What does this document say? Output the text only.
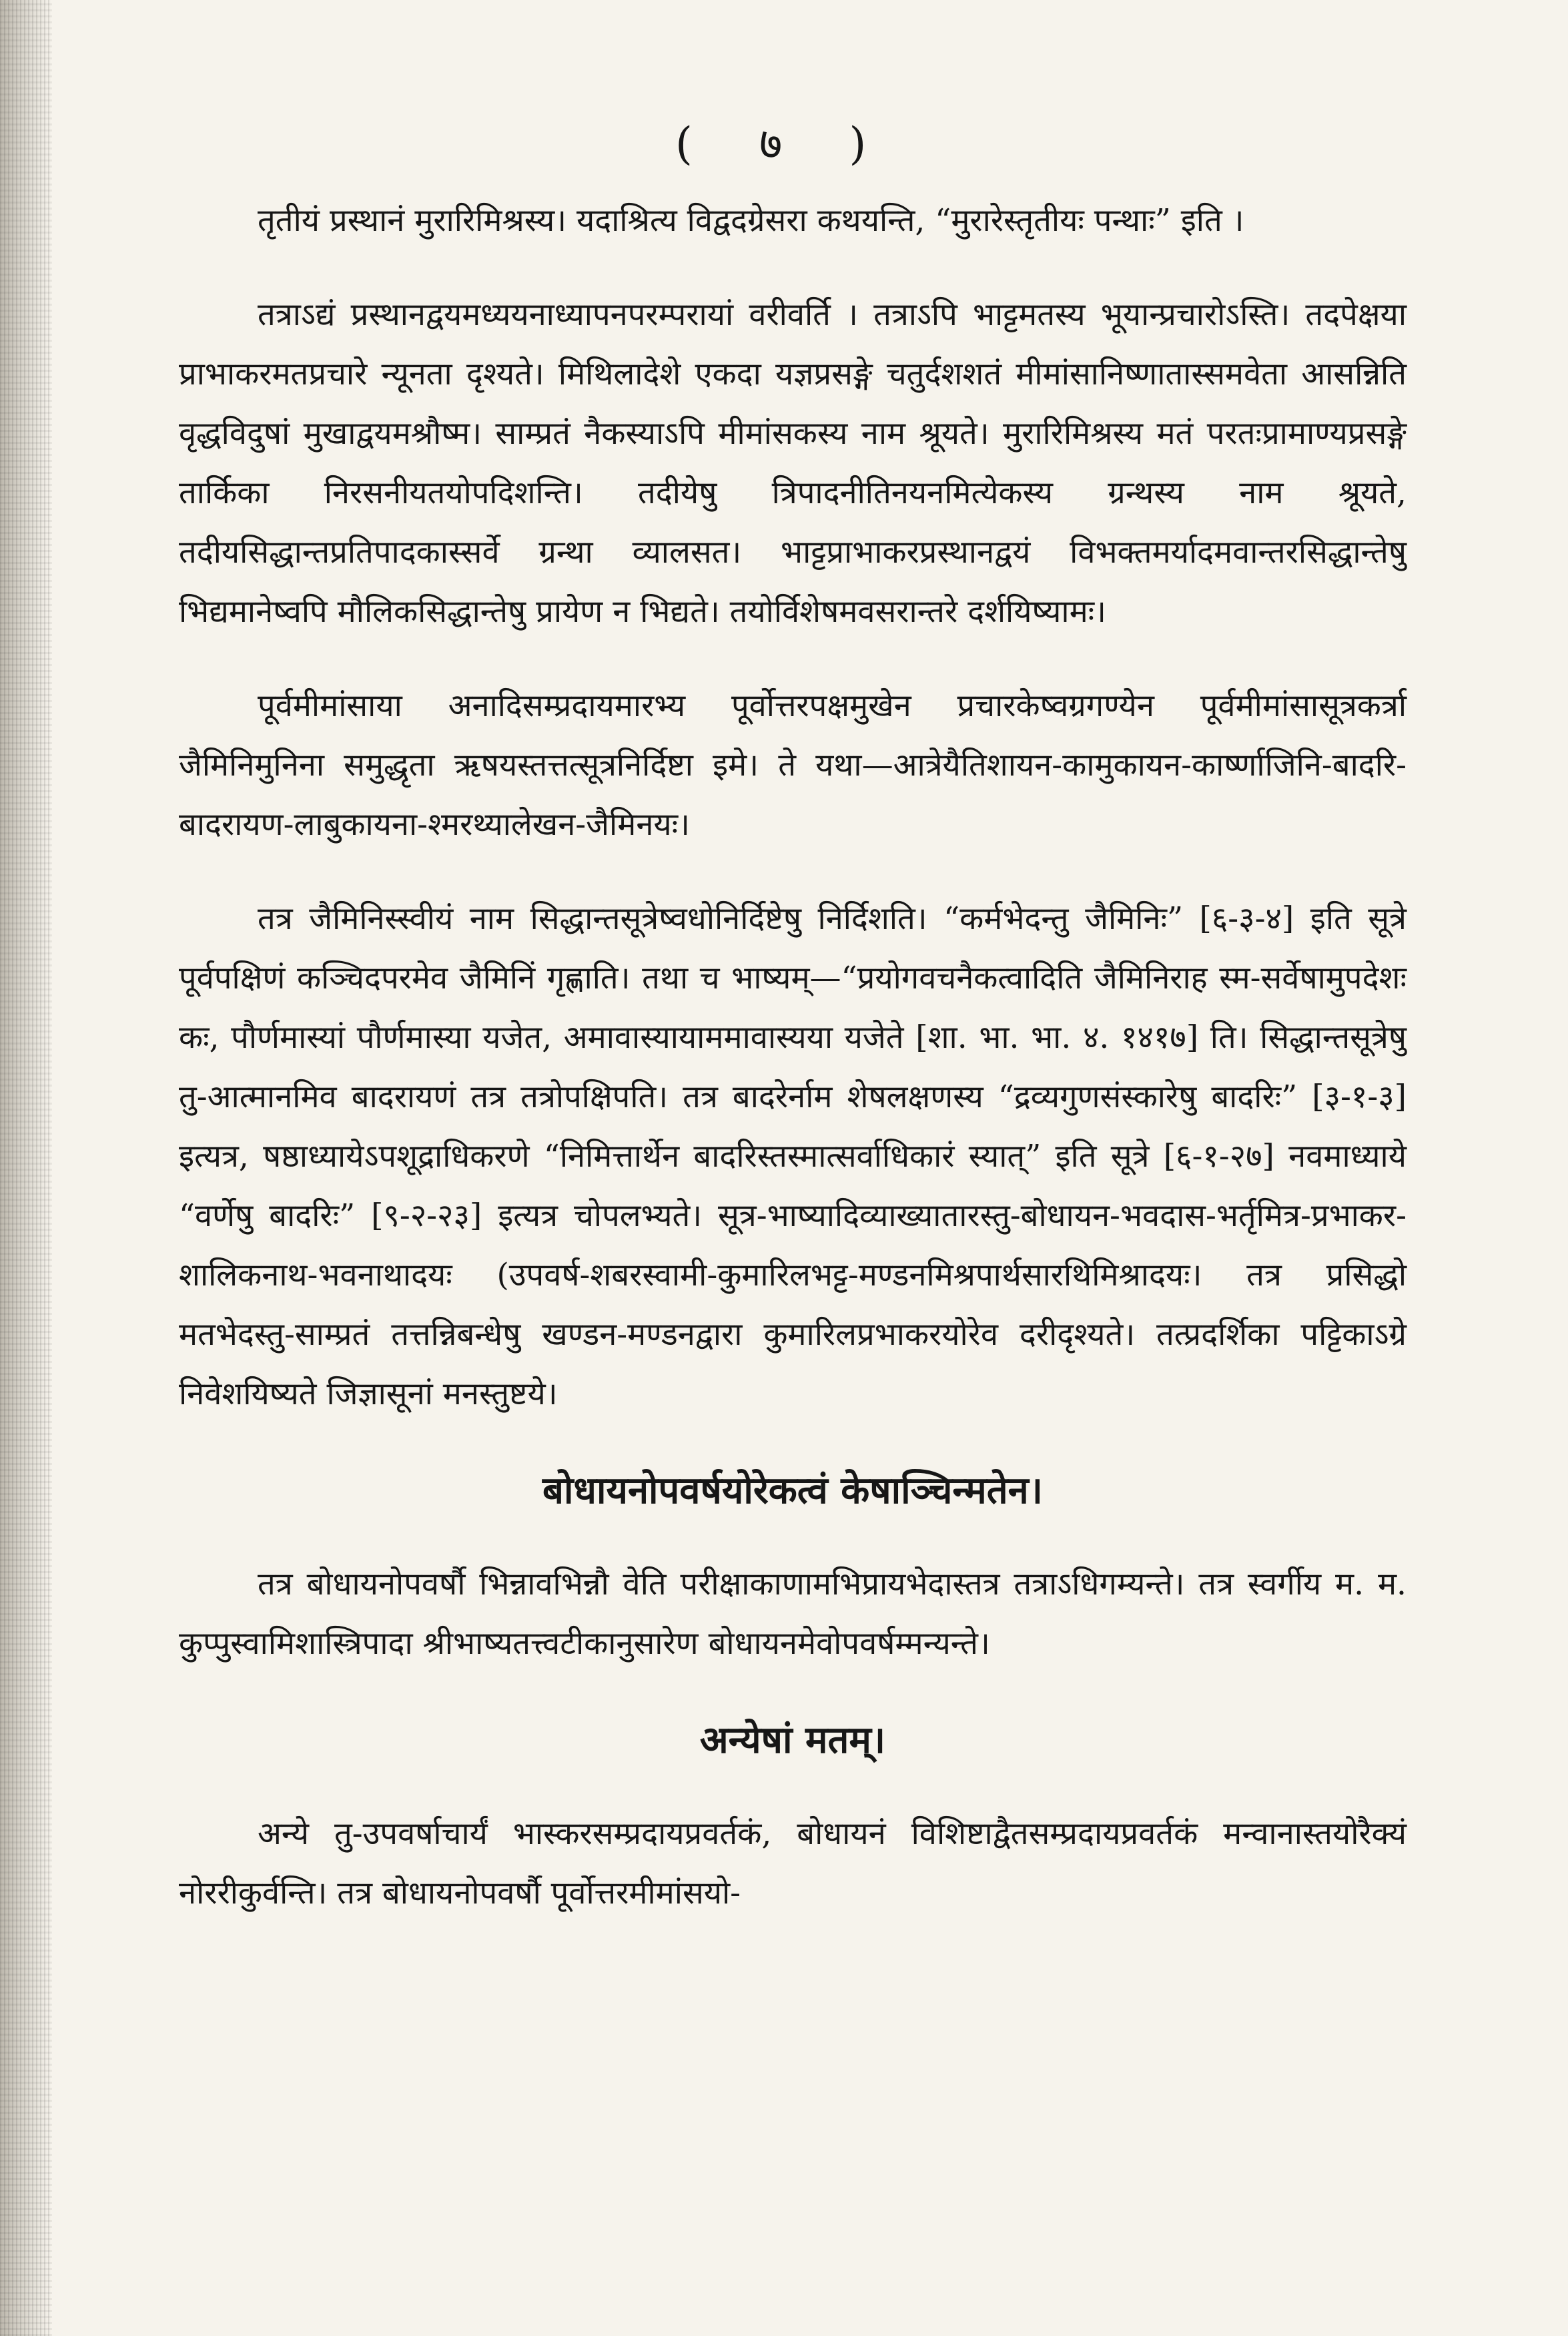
( ७ )

तृतीयं प्रस्थानं मुरारिमिश्रस्य। यदाश्रित्य विद्वदग्रेसरा कथयन्ति, “मुरारेस्तृतीयः पन्थाः” इति ।

तत्राऽद्यं प्रस्थानद्वयमध्ययनाध्यापनपरम्परायां वरीवर्ति । तत्राऽपि भाट्टमतस्य भूयान्प्रचारोऽस्ति। तदपेक्षया प्राभाकरमतप्रचारे न्यूनता दृश्यते। मिथिलादेशे एकदा यज्ञप्रसङ्गे चतुर्दशशतं मीमांसानिष्णातास्समवेता आसन्निति वृद्धविदुषां मुखाद्वयमश्रौष्म। साम्प्रतं नैकस्याऽपि मीमांसकस्य नाम श्रूयते। मुरारिमिश्रस्य मतं परतःप्रामाण्यप्रसङ्गे तार्किका निरसनीयतयोपदिशन्ति। तदीयेषु त्रिपादनीतिनयनमित्येकस्य ग्रन्थस्य नाम श्रूयते, तदीयसिद्धान्तप्रतिपादकास्सर्वे ग्रन्था व्यालसत। भाट्टप्राभाकरप्रस्थानद्वयं विभक्तमर्यादमवान्तरसिद्धान्तेषु भिद्यमानेष्वपि मौलिकसिद्धान्तेषु प्रायेण न भिद्यते। तयोर्विशेषमवसरान्तरे दर्शयिष्यामः।

पूर्वमीमांसाया अनादिसम्प्रदायमारभ्य पूर्वोत्तरपक्षमुखेन प्रचारकेष्वग्रगण्येन पूर्वमीमांसासूत्रकर्त्रा जैमिनिमुनिना समुद्धृता ऋषयस्तत्तत्सूत्रनिर्दिष्टा इमे। ते यथा—आत्रेयैतिशायन-कामुकायन-कार्ष्णाजिनि-बादरि-बादरायण-लाबुकायना-श्मरथ्यालेखन-जैमिनयः।

तत्र जैमिनिस्स्वीयं नाम सिद्धान्तसूत्रेष्वधोनिर्दिष्टेषु निर्दिशति। “कर्मभेदन्तु जैमिनिः” [६-३-४] इति सूत्रे पूर्वपक्षिणं कञ्चिदपरमेव जैमिनिं गृह्णाति। तथा च भाष्यम्—“प्रयोगवचनैकत्वादिति जैमिनिराह स्म-सर्वेषामुपदेशः कः, पौर्णमास्यां पौर्णमास्या यजेत, अमावास्यायाममावास्यया यजेते [शा. भा. भा. ४. १४१७] ति। सिद्धान्तसूत्रेषु तु-आत्मानमिव बादरायणं तत्र तत्रोपक्षिपति। तत्र बादरेर्नाम शेषलक्षणस्य “द्रव्यगुणसंस्कारेषु बादरिः” [३-१-३] इत्यत्र, षष्ठाध्यायेऽपशूद्राधिकरणे “निमित्तार्थेन बादरिस्तस्मात्सर्वाधिकारं स्यात्” इति सूत्रे [६-१-२७] नवमाध्याये “वर्णेषु बादरिः” [९-२-२३] इत्यत्र चोपलभ्यते। सूत्र-भाष्यादिव्याख्यातारस्तु-बोधायन-भवदास-भर्तृमित्र-प्रभाकर-शालिकनाथ-भवनाथादयः (उपवर्ष-शबरस्वामी-कुमारिलभट्ट-मण्डनमिश्रपार्थसारथिमिश्रादयः। तत्र प्रसिद्धो मतभेदस्तु-साम्प्रतं तत्तन्निबन्धेषु खण्डन-मण्डनद्वारा कुमारिलप्रभाकरयोरेव दरीदृश्यते। तत्प्रदर्शिका पट्टिकाऽग्रे निवेशयिष्यते जिज्ञासूनां मनस्तुष्टये।

बोधायनोपवर्षयोरेकत्वं केषाञ्चिन्मतेन।

तत्र बोधायनोपवर्षौ भिन्नावभिन्नौ वेति परीक्षाकाणामभिप्रायभेदास्तत्र तत्राऽधिगम्यन्ते। तत्र स्वर्गीय म. म. कुप्पुस्वामिशास्त्रिपादा श्रीभाष्यतत्त्वटीकानुसारेण बोधायनमेवोपवर्षम्मन्यन्ते।

अन्येषां मतम्।

अन्ये तु-उपवर्षाचार्यं भास्करसम्प्रदायप्रवर्तकं, बोधायनं विशिष्टाद्वैतसम्प्रदायप्रवर्तकं मन्वानास्तयोरैक्यं नोररीकुर्वन्ति। तत्र बोधायनोपवर्षौ पूर्वोत्तरमीमांसयो-
